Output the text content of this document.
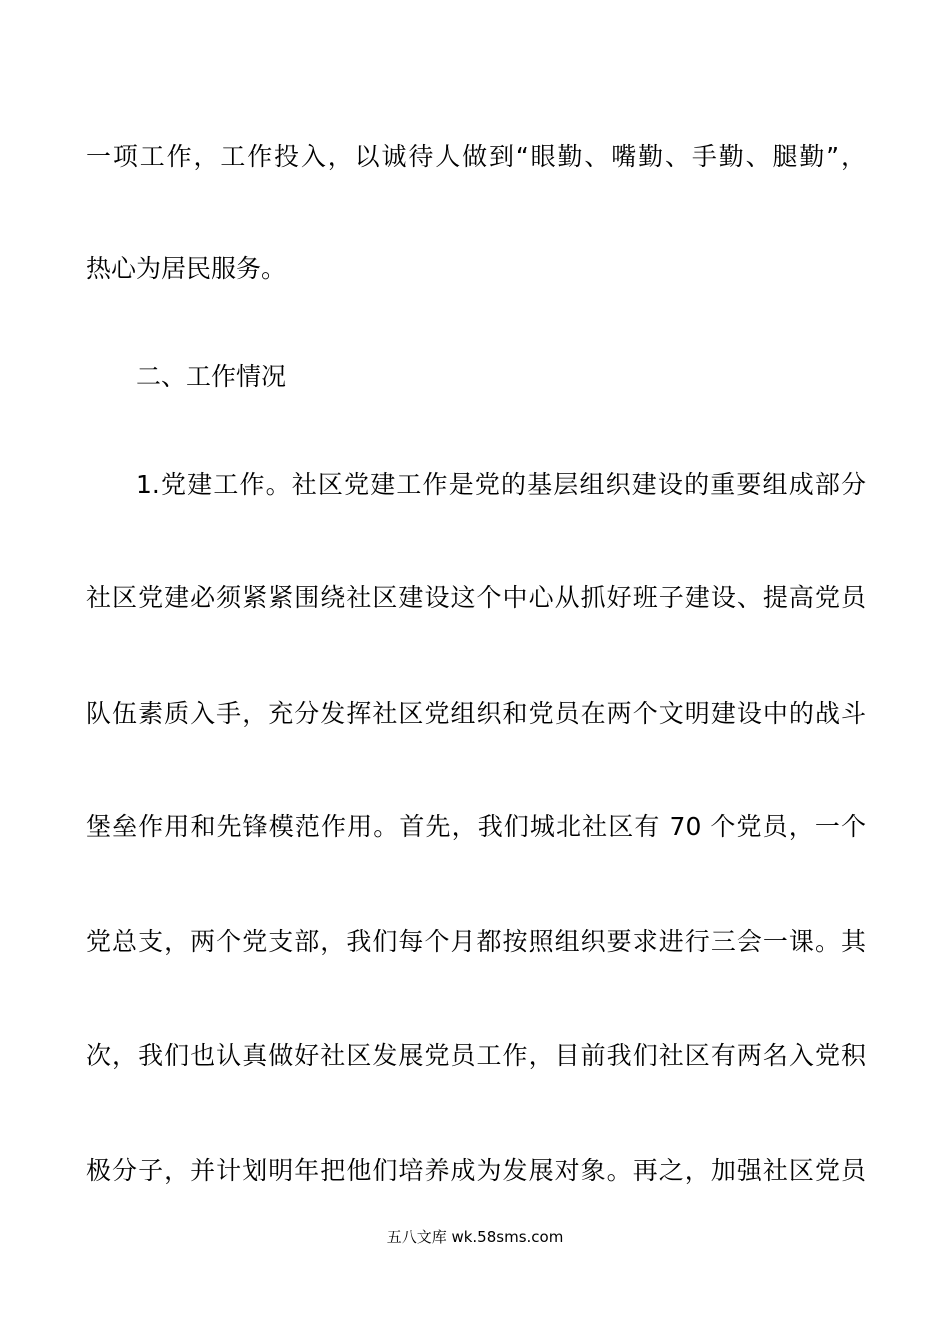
一项工作，工作投入，以诚待人做到“眼勤、嘴勤、手勤、腿勤”，
热心为居民服务。
二、工作情况
1.党建工作。社区党建工作是党的基层组织建设的重要组成部分
社区党建必须紧紧围绕社区建设这个中心从抓好班子建设、提高党员
队伍素质入手，充分发挥社区党组织和党员在两个文明建设中的战斗
堡垒作用和先锋模范作用。首先，我们城北社区有 70 个党员，一个
党总支，两个党支部，我们每个月都按照组织要求进行三会一课。其
次，我们也认真做好社区发展党员工作，目前我们社区有两名入党积
极分子，并计划明年把他们培养成为发展对象。再之，加强社区党员
五八文库 wk.58sms.com
